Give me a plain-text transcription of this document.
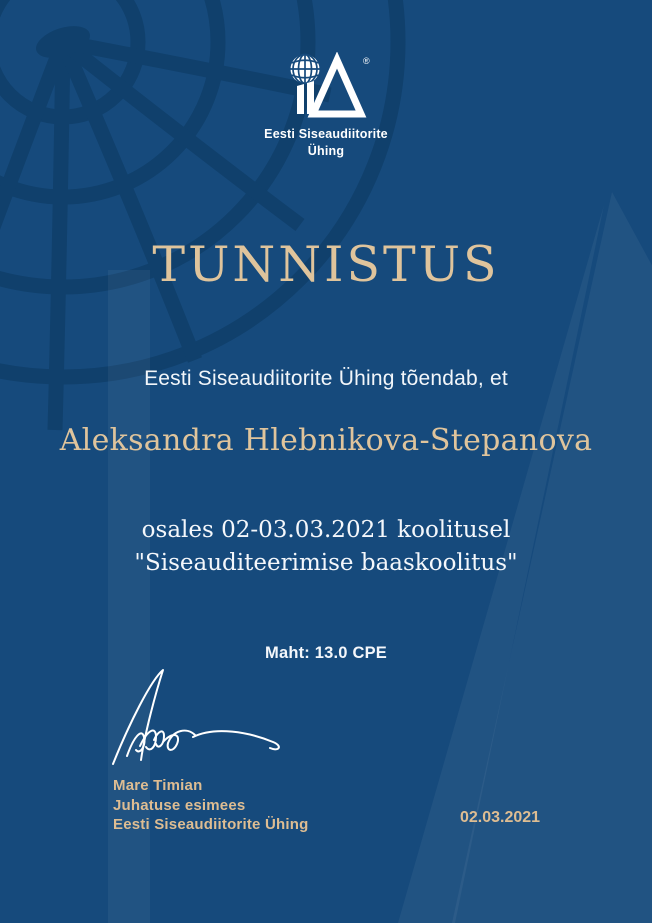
®
Eesti Siseaudiitorite
Ühing
TUNNISTUS
Eesti Siseaudiitorite Ühing tõendab, et
Aleksandra Hlebnikova-Stepanova
osales 02-03.03.2021 koolitusel
"Siseauditeerimise baaskoolitus"
Maht: 13.0 CPE
Mare Timian
Juhatuse esimees
Eesti Siseaudiitorite Ühing	02.03.2021
